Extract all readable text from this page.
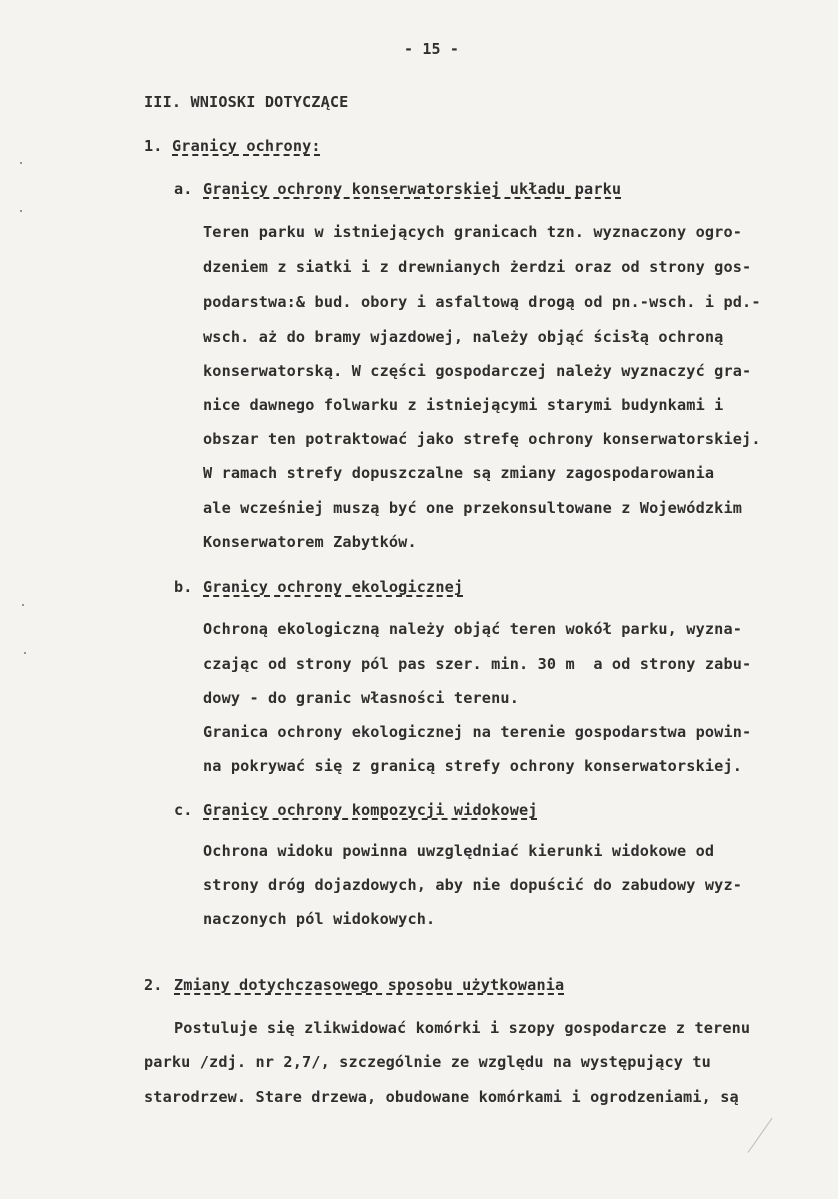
- 15 -
III. WNIOSKI DOTYCZĄCE
1. Granicy ochrony:
a. Granicy ochrony konserwatorskiej układu parku
Teren parku w istniejących granicach tzn. wyznaczony ogro-
dzeniem z siatki i z drewnianych żerdzi oraz od strony gos-
podarstwa:& bud. obory i asfaltową drogą od pn.-wsch. i pd.-
wsch. aż do bramy wjazdowej, należy objąć ścisłą ochroną
konserwatorską. W części gospodarczej należy wyznaczyć gra-
nice dawnego folwarku z istniejącymi starymi budynkami i
obszar ten potraktować jako strefę ochrony konserwatorskiej.
W ramach strefy dopuszczalne są zmiany zagospodarowania
ale wcześniej muszą być one przekonsultowane z Wojewódzkim
Konserwatorem Zabytków.
b. Granicy ochrony ekologicznej
Ochroną ekologiczną należy objąć teren wokół parku, wyzna-
czając od strony pól pas szer. min. 30 m  a od strony zabu-
dowy - do granic własności terenu.
Granica ochrony ekologicznej na terenie gospodarstwa powin-
na pokrywać się z granicą strefy ochrony konserwatorskiej.
c. Granicy ochrony kompozycji widokowej
Ochrona widoku powinna uwzględniać kierunki widokowe od
strony dróg dojazdowych, aby nie dopuścić do zabudowy wyz-
naczonych pól widokowych.
2. Zmiany dotychczasowego sposobu użytkowania
Postuluje się zlikwidować komórki i szopy gospodarcze z terenu
parku /zdj. nr 2,7/, szczególnie ze względu na występujący tu
starodrzew. Stare drzewa, obudowane komórkami i ogrodzeniami, są
